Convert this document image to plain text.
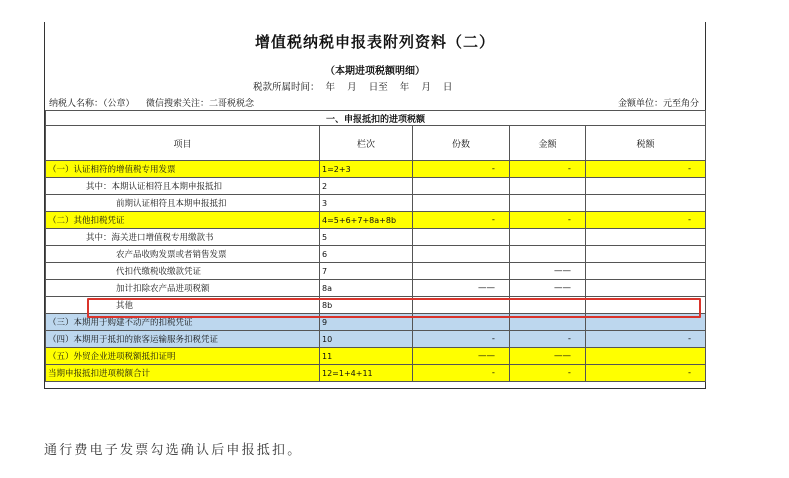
增值税纳税申报表附列资料（二）
（本期进项税额明细）
税款所属时间：  年    月    日至    年    月    日
纳税人名称：（公章）    微信搜索关注：二哥税税念	金额单位：元至角分
一、申报抵扣的进项税额				
项目	栏次	份数	金额	税额
（一）认证相符的增值税专用发票	1=2+3	-	-	-
其中：本期认证相符且本期申报抵扣	2			
前期认证相符且本期申报抵扣	3			
（二）其他扣税凭证	4=5+6+7+8a+8b	-	-	-
其中：海关进口增值税专用缴款书	5			
农产品收购发票或者销售发票	6			
代扣代缴税收缴款凭证	7		——	
加计扣除农产品进项税额	8a	——	——	
其他	8b			
（三）本期用于购建不动产的扣税凭证	9			
（四）本期用于抵扣的旅客运输服务扣税凭证	10	-	-	-
（五）外贸企业进项税额抵扣证明	11	——	——	
当期申报抵扣进项税额合计	12=1+4+11	-	-	-
通行费电子发票勾选确认后申报抵扣。
